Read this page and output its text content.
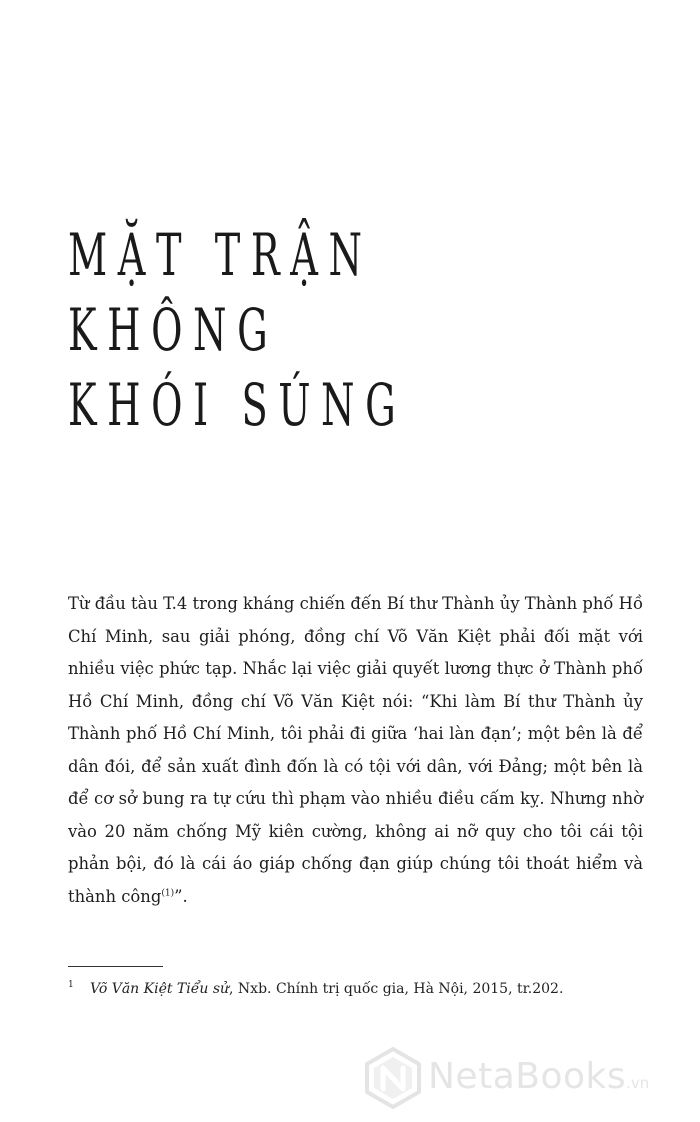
MẶT TRẬN
KHÔNG
KHÓI SÚNG

Từ đầu tàu T.4 trong kháng chiến đến Bí thư Thành ủy Thành phố Hồ Chí Minh, sau giải phóng, đồng chí Võ Văn Kiệt phải đối mặt với nhiều việc phức tạp. Nhắc lại việc giải quyết lương thực ở Thành phố Hồ Chí Minh, đồng chí Võ Văn Kiệt nói: “Khi làm Bí thư Thành ủy Thành phố Hồ Chí Minh, tôi phải đi giữa ‘hai làn đạn’; một bên là để dân đói, để sản xuất đình đốn là có tội với dân, với Đảng; một bên là để cơ sở bung ra tự cứu thì phạm vào nhiều điều cấm kỵ. Nhưng nhờ vào 20 năm chống Mỹ kiên cường, không ai nỡ quy cho tôi cái tội phản bội, đó là cái áo giáp chống đạn giúp chúng tôi thoát hiểm và thành công$^{(1)}$”.

1 Võ Văn Kiệt Tiểu sử, Nxb. Chính trị quốc gia, Hà Nội, 2015, tr.202.
NetaBooks.vn
